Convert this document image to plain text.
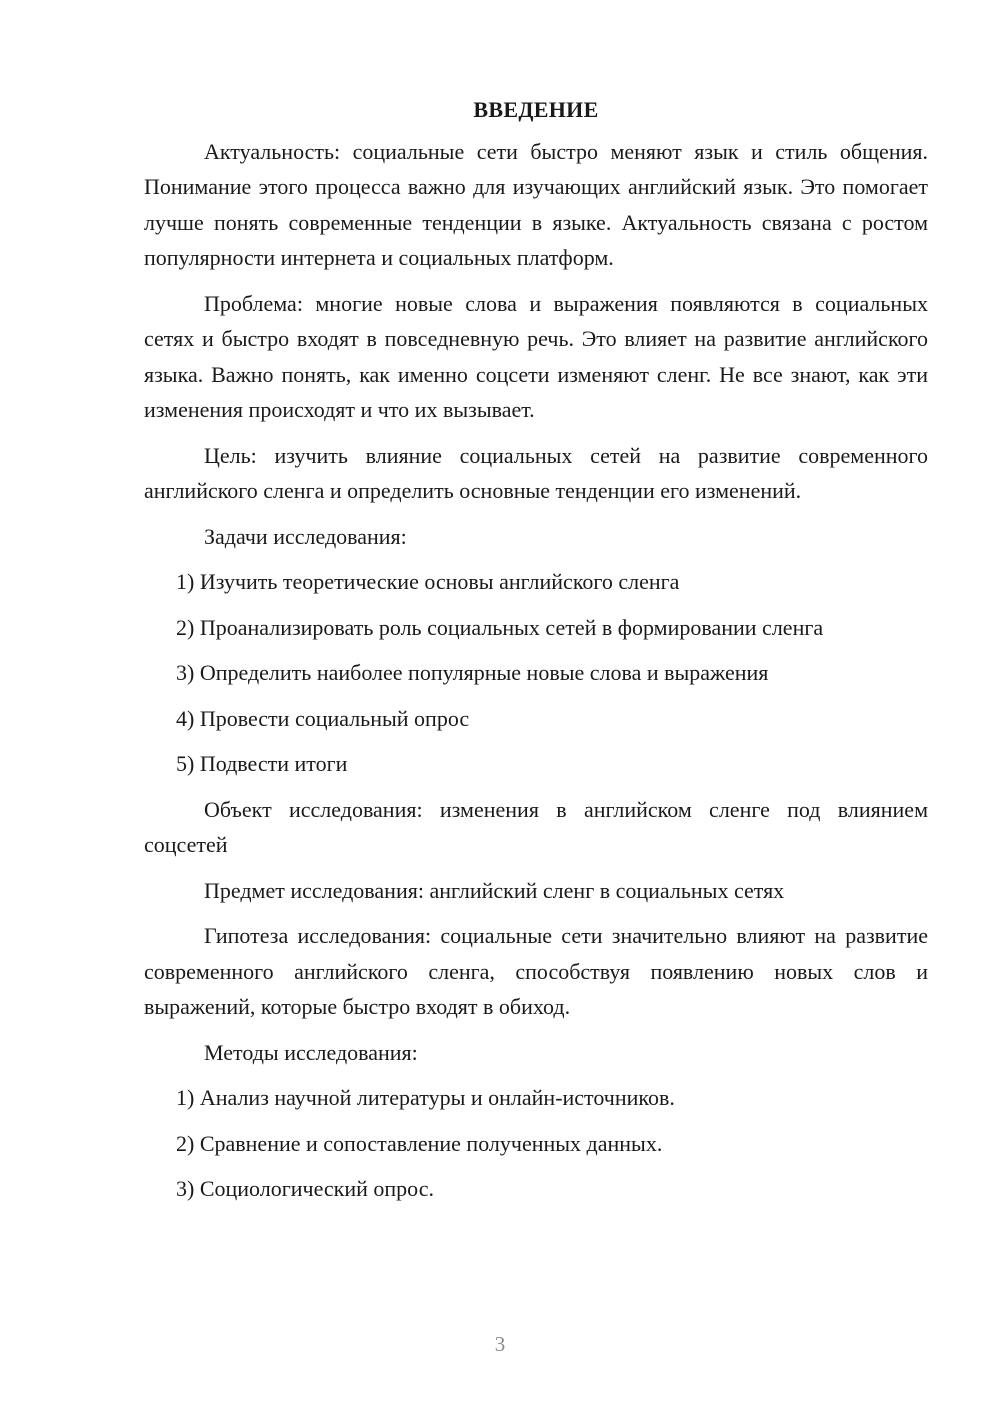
ВВЕДЕНИЕ

Актуальность: социальные сети быстро меняют язык и стиль общения. Понимание этого процесса важно для изучающих английский язык. Это помогает лучше понять современные тенденции в языке. Актуальность связана с ростом популярности интернета и социальных платформ.

Проблема: многие новые слова и выражения появляются в социальных сетях и быстро входят в повседневную речь. Это влияет на развитие английского языка. Важно понять, как именно соцсети изменяют сленг. Не все знают, как эти изменения происходят и что их вызывает.

Цель: изучить влияние социальных сетей на развитие современного английского сленга и определить основные тенденции его изменений.

Задачи исследования:

1) Изучить теоретические основы английского сленга
2) Проанализировать роль социальных сетей в формировании сленга
3) Определить наиболее популярные новые слова и выражения
4) Провести социальный опрос
5) Подвести итоги

Объект исследования: изменения в английском сленге под влиянием соцсетей

Предмет исследования: английский сленг в социальных сетях

Гипотеза исследования: социальные сети значительно влияют на развитие современного английского сленга, способствуя появлению новых слов и выражений, которые быстро входят в обиход.

Методы исследования:

1) Анализ научной литературы и онлайн-источников.
2) Сравнение и сопоставление полученных данных.
3) Социологический опрос.
3
